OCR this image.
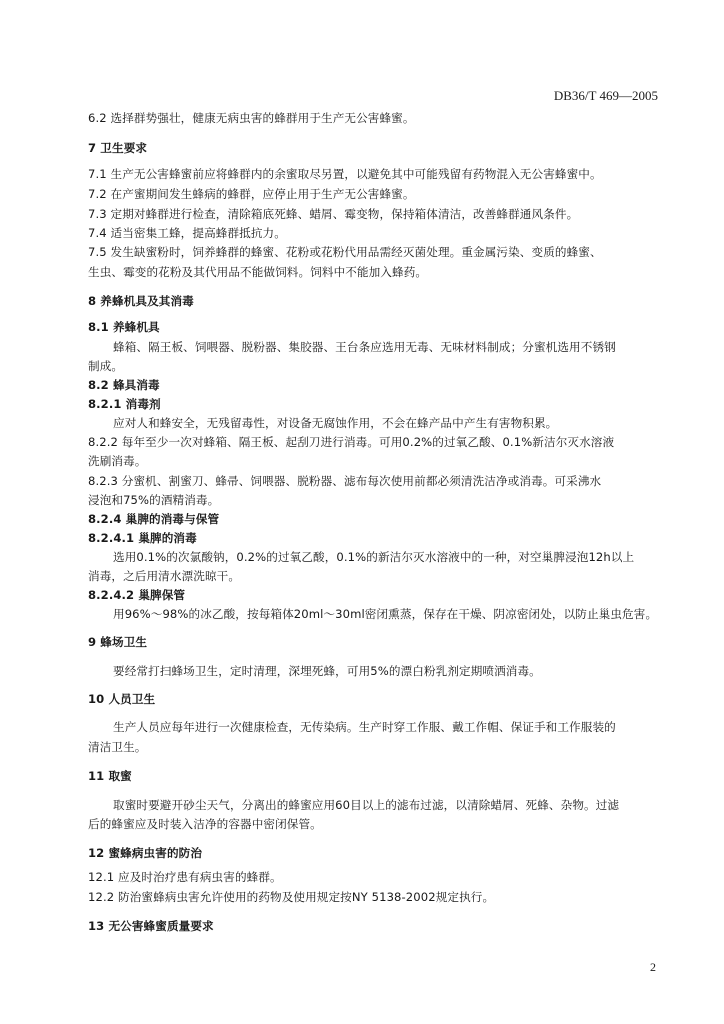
DB36/T 469—2005
6.2 选择群势强壮，健康无病虫害的蜂群用于生产无公害蜂蜜。
7 卫生要求
7.1 生产无公害蜂蜜前应将蜂群内的余蜜取尽另置，以避免其中可能残留有药物混入无公害蜂蜜中。
7.2 在产蜜期间发生蜂病的蜂群，应停止用于生产无公害蜂蜜。
7.3 定期对蜂群进行检查，清除箱底死蜂、蜡屑、霉变物，保持箱体清洁，改善蜂群通风条件。
7.4 适当密集工蜂，提高蜂群抵抗力。
7.5 发生缺蜜粉时，饲养蜂群的蜂蜜、花粉或花粉代用品需经灭菌处理。重金属污染、变质的蜂蜜、
生虫、霉变的花粉及其代用品不能做饲料。饲料中不能加入蜂药。
8 养蜂机具及其消毒
8.1 养蜂机具
蜂箱、隔王板、饲喂器、脱粉器、集胶器、王台条应选用无毒、无味材料制成；分蜜机选用不锈钢
制成。
8.2 蜂具消毒
8.2.1 消毒剂
应对人和蜂安全，无残留毒性，对设备无腐蚀作用，不会在蜂产品中产生有害物积累。
8.2.2 每年至少一次对蜂箱、隔王板、起刮刀进行消毒。可用0.2%的过氧乙酸、0.1%新洁尔灭水溶液
洗刷消毒。
8.2.3 分蜜机、割蜜刀、蜂帚、饲喂器、脱粉器、滤布每次使用前都必须清洗洁净或消毒。可采沸水
浸泡和75%的酒精消毒。
8.2.4 巢脾的消毒与保管
8.2.4.1 巢脾的消毒
选用0.1%的次氯酸钠，0.2%的过氧乙酸，0.1%的新洁尔灭水溶液中的一种，对空巢脾浸泡12h以上
消毒，之后用清水漂洗晾干。
8.2.4.2 巢脾保管
用96%～98%的冰乙酸，按每箱体20ml～30ml密闭熏蒸，保存在干燥、阴凉密闭处，以防止巢虫危害。
9 蜂场卫生
要经常打扫蜂场卫生，定时清理，深埋死蜂，可用5%的漂白粉乳剂定期喷洒消毒。
10 人员卫生
生产人员应每年进行一次健康检查，无传染病。生产时穿工作服、戴工作帽、保证手和工作服装的
清洁卫生。
11 取蜜
取蜜时要避开砂尘天气，分离出的蜂蜜应用60目以上的滤布过滤，以清除蜡屑、死蜂、杂物。过滤
后的蜂蜜应及时装入洁净的容器中密闭保管。
12 蜜蜂病虫害的防治
12.1 应及时治疗患有病虫害的蜂群。
12.2 防治蜜蜂病虫害允许使用的药物及使用规定按NY 5138-2002规定执行。
13 无公害蜂蜜质量要求
2
